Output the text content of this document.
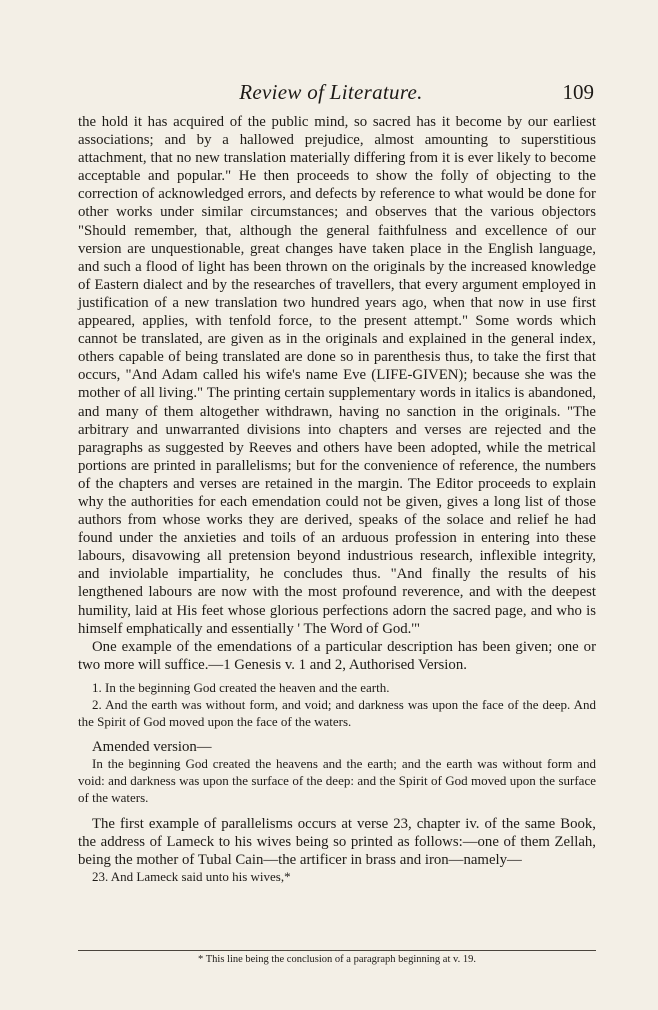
Review of Literature.	109

the hold it has acquired of the public mind, so sacred has it become by our earliest associations; and by a hallowed prejudice, almost amounting to superstitious attachment, that no new translation materially differing from it is ever likely to become acceptable and popular." He then proceeds to show the folly of objecting to the correction of acknowledged errors, and defects by reference to what would be done for other works under similar circumstances; and observes that the various objectors "Should remember, that, although the general faithfulness and excellence of our version are unquestionable, great changes have taken place in the English language, and such a flood of light has been thrown on the originals by the increased knowledge of Eastern dialect and by the researches of travellers, that every argument employed in justification of a new translation two hundred years ago, when that now in use first appeared, applies, with tenfold force, to the present attempt." Some words which cannot be translated, are given as in the originals and explained in the general index, others capable of being translated are done so in parenthesis thus, to take the first that occurs, "And Adam called his wife's name Eve (LIFE-GIVEN); because she was the mother of all living." The printing certain supplementary words in italics is abandoned, and many of them altogether withdrawn, having no sanction in the originals. "The arbitrary and unwarranted divisions into chapters and verses are rejected and the paragraphs as suggested by Reeves and others have been adopted, while the metrical portions are printed in parallelisms; but for the convenience of reference, the numbers of the chapters and verses are retained in the margin. The Editor proceeds to explain why the authorities for each emendation could not be given, gives a long list of those authors from whose works they are derived, speaks of the solace and relief he had found under the anxieties and toils of an arduous profession in entering into these labours, disavowing all pretension beyond industrious research, inflexible integrity, and inviolable impartiality, he concludes thus. "And finally the results of his lengthened labours are now with the most profound reverence, and with the deepest humility, laid at His feet whose glorious perfections adorn the sacred page, and who is himself emphatically and essentially ' The Word of God.'"

One example of the emendations of a particular description has been given; one or two more will suffice.—1 Genesis v. 1 and 2, Authorised Version.

1. In the beginning God created the heaven and the earth.

2. And the earth was without form, and void; and darkness was upon the face of the deep. And the Spirit of God moved upon the face of the waters.

Amended version—

In the beginning God created the heavens and the earth; and the earth was without form and void: and darkness was upon the surface of the deep: and the Spirit of God moved upon the surface of the waters.

The first example of parallelisms occurs at verse 23, chapter iv. of the same Book, the address of Lameck to his wives being so printed as follows:—one of them Zellah, being the mother of Tubal Cain—the artificer in brass and iron—namely—

23. And Lameck said unto his wives,*

* This line being the conclusion of a paragraph beginning at v. 19.
